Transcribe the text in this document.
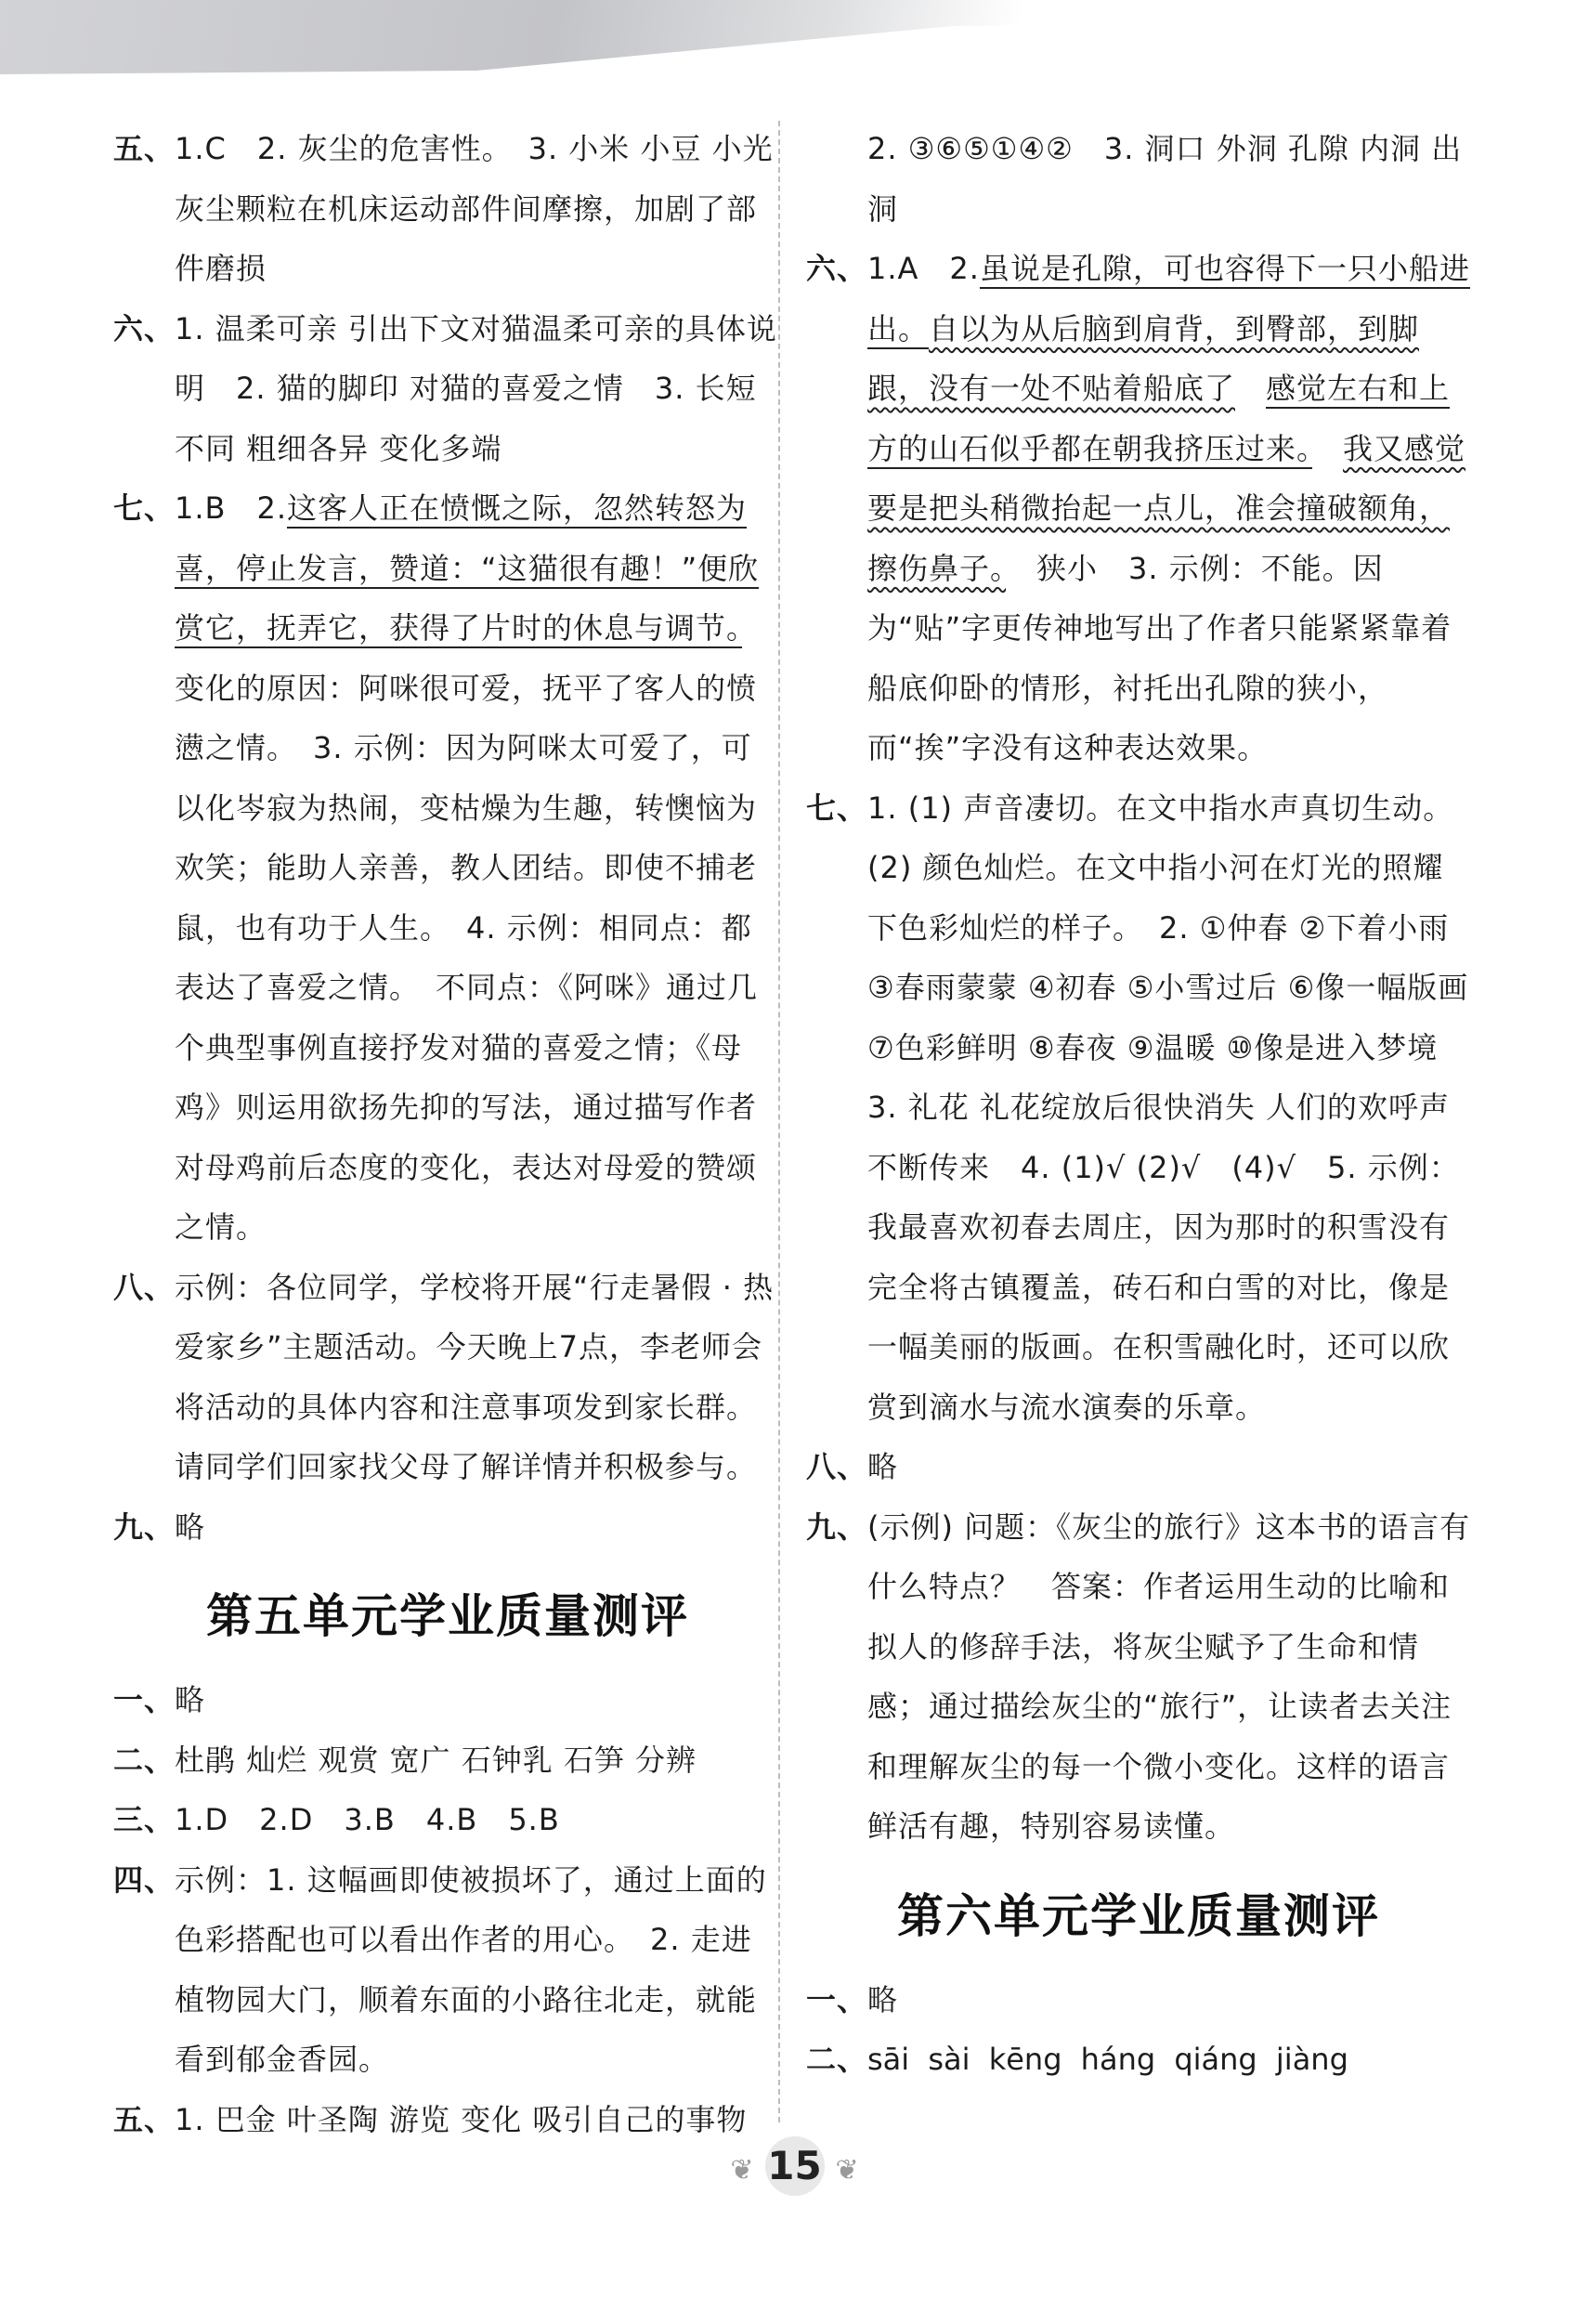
五、 1.C　2. 灰尘的危害性。　3. 小米 小豆 小光 灰尘颗粒在机床运动部件间摩擦，加剧了部件磨损
六、 1. 温柔可亲 引出下文对猫温柔可亲的具体说明　2. 猫的脚印 对猫的喜爱之情　3. 长短不同 粗细各异 变化多端
七、 1.B　2.这客人正在愤慨之际，忽然转怒为喜，停止发言，赞道：“这猫很有趣！”便欣赏它，抚弄它，获得了片时的休息与调节。　变化的原因：阿咪很可爱，抚平了客人的愤懑之情。　3. 示例：因为阿咪太可爱了，可以化岑寂为热闹，变枯燥为生趣，转懊恼为欢笑；能助人亲善，教人团结。即使不捕老鼠，也有功于人生。　4. 示例：相同点：都表达了喜爱之情。　不同点：《阿咪》通过几个典型事例直接抒发对猫的喜爱之情；《母鸡》则运用欲扬先抑的写法，通过描写作者对母鸡前后态度的变化，表达对母爱的赞颂之情。
八、 示例：各位同学，学校将开展“行走暑假 · 热爱家乡”主题活动。今天晚上7点，李老师会将活动的具体内容和注意事项发到家长群。请同学们回家找父母了解详情并积极参与。
九、 略
第五单元学业质量测评
一、 略
二、 杜鹃 灿烂 观赏 宽广 石钟乳 石笋 分辨
三、 1.D　2.D　3.B　4.B　5.B
四、 示例：1. 这幅画即使被损坏了，通过上面的色彩搭配也可以看出作者的用心。　2. 走进植物园大门，顺着东面的小路往北走，就能看到郁金香园。
五、 1. 巴金 叶圣陶 游览 变化 吸引自己的事物
2. ③⑥⑤①④②　3. 洞口 外洞 孔隙 内洞 出洞
六、 1.A　2.虽说是孔隙，可也容得下一只小船进出。自以为从后脑到肩背，到臀部，到脚跟，没有一处不贴着船底了　 感觉左右和上方的山石似乎都在朝我挤压过来。　 我又感觉要是把头稍微抬起一点儿，准会撞破额角，擦伤鼻子。　狭小　3. 示例：不能。因为“贴”字更传神地写出了作者只能紧紧靠着船底仰卧的情形，衬托出孔隙的狭小，而“挨”字没有这种表达效果。
七、 1. (1) 声音凄切。在文中指水声真切生动。(2) 颜色灿烂。在文中指小河在灯光的照耀下色彩灿烂的样子。　2. ①仲春 ②下着小雨 ③春雨蒙蒙 ④初春 ⑤小雪过后 ⑥像一幅版画 ⑦色彩鲜明 ⑧春夜 ⑨温暖 ⑩像是进入梦境　3. 礼花 礼花绽放后很快消失 人们的欢呼声不断传来　4. (1)√ (2)√　(4)√　5. 示例：我最喜欢初春去周庄，因为那时的积雪没有完全将古镇覆盖，砖石和白雪的对比，像是一幅美丽的版画。在积雪融化时，还可以欣赏到滴水与流水演奏的乐章。
八、 略
九、 (示例) 问题：《灰尘的旅行》这本书的语言有什么特点？　答案：作者运用生动的比喻和拟人的修辞手法，将灰尘赋予了生命和情感；通过描绘灰尘的“旅行”，让读者去关注和理解灰尘的每一个微小变化。这样的语言鲜活有趣，特别容易读懂。
第六单元学业质量测评
一、 略
二、 sāi sài kēng háng qiáng jiàng
❦ 15 ❦
